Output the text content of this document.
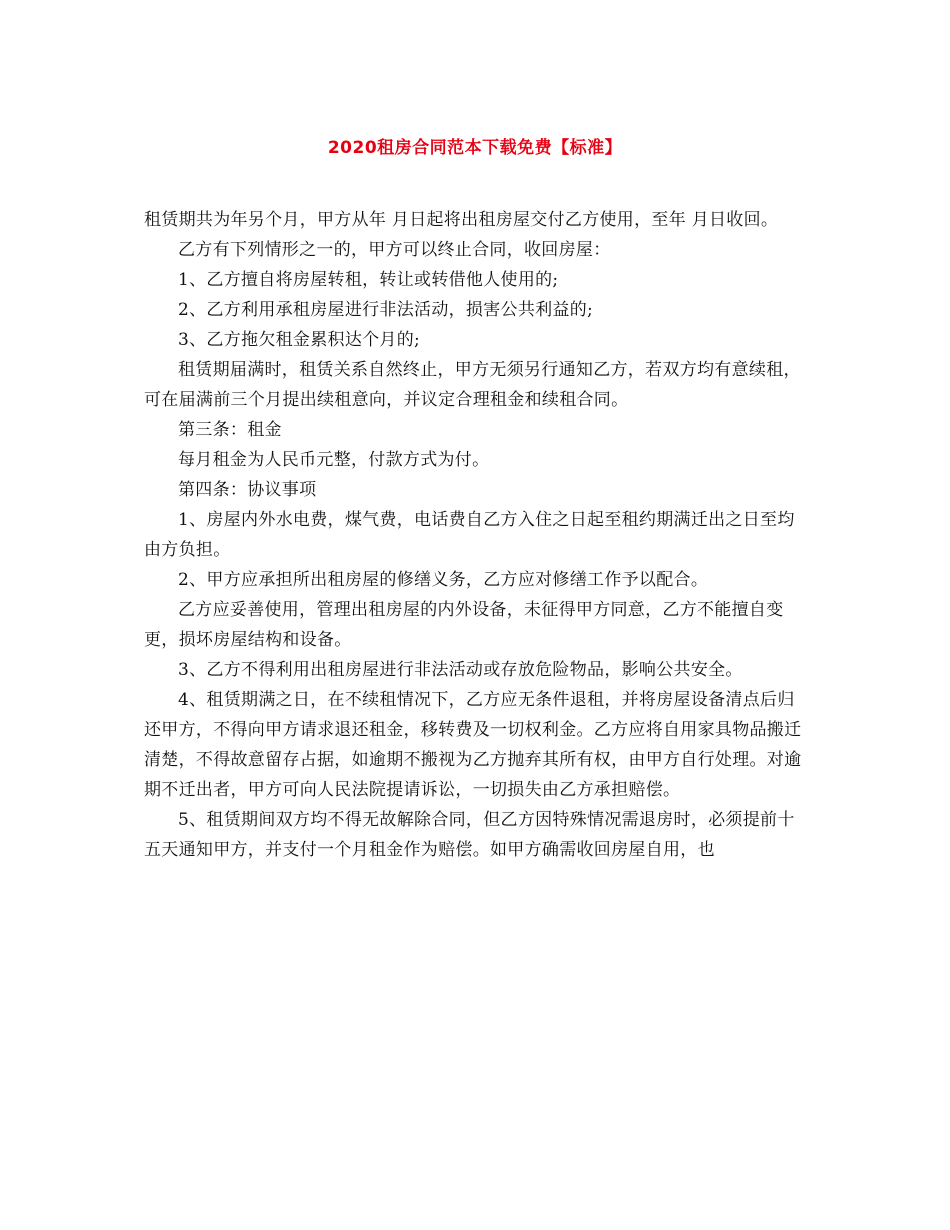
2020租房合同范本下载免费【标准】

租赁期共为年另个月，甲方从年 月日起将出租房屋交付乙方使用，至年 月日收回。

乙方有下列情形之一的，甲方可以终止合同，收回房屋：

1、乙方擅自将房屋转租，转让或转借他人使用的;

2、乙方利用承租房屋进行非法活动，损害公共利益的;

3、乙方拖欠租金累积达个月的;

租赁期届满时，租赁关系自然终止，甲方无须另行通知乙方，若双方均有意续租，可在届满前三个月提出续租意向，并议定合理租金和续租合同。

第三条：租金

每月租金为人民币元整，付款方式为付。

第四条：协议事项

1、房屋内外水电费，煤气费，电话费自乙方入住之日起至租约期满迁出之日至均由方负担。

2、甲方应承担所出租房屋的修缮义务，乙方应对修缮工作予以配合。

乙方应妥善使用，管理出租房屋的内外设备，未征得甲方同意，乙方不能擅自变更，损坏房屋结构和设备。

3、乙方不得利用出租房屋进行非法活动或存放危险物品，影响公共安全。

4、租赁期满之日，在不续租情况下，乙方应无条件退租，并将房屋设备清点后归还甲方，不得向甲方请求退还租金，移转费及一切权利金。乙方应将自用家具物品搬迁清楚，不得故意留存占据，如逾期不搬视为乙方抛弃其所有权，由甲方自行处理。对逾期不迁出者，甲方可向人民法院提请诉讼，一切损失由乙方承担赔偿。

5、租赁期间双方均不得无故解除合同，但乙方因特殊情况需退房时，必须提前十五天通知甲方，并支付一个月租金作为赔偿。如甲方确需收回房屋自用，也
